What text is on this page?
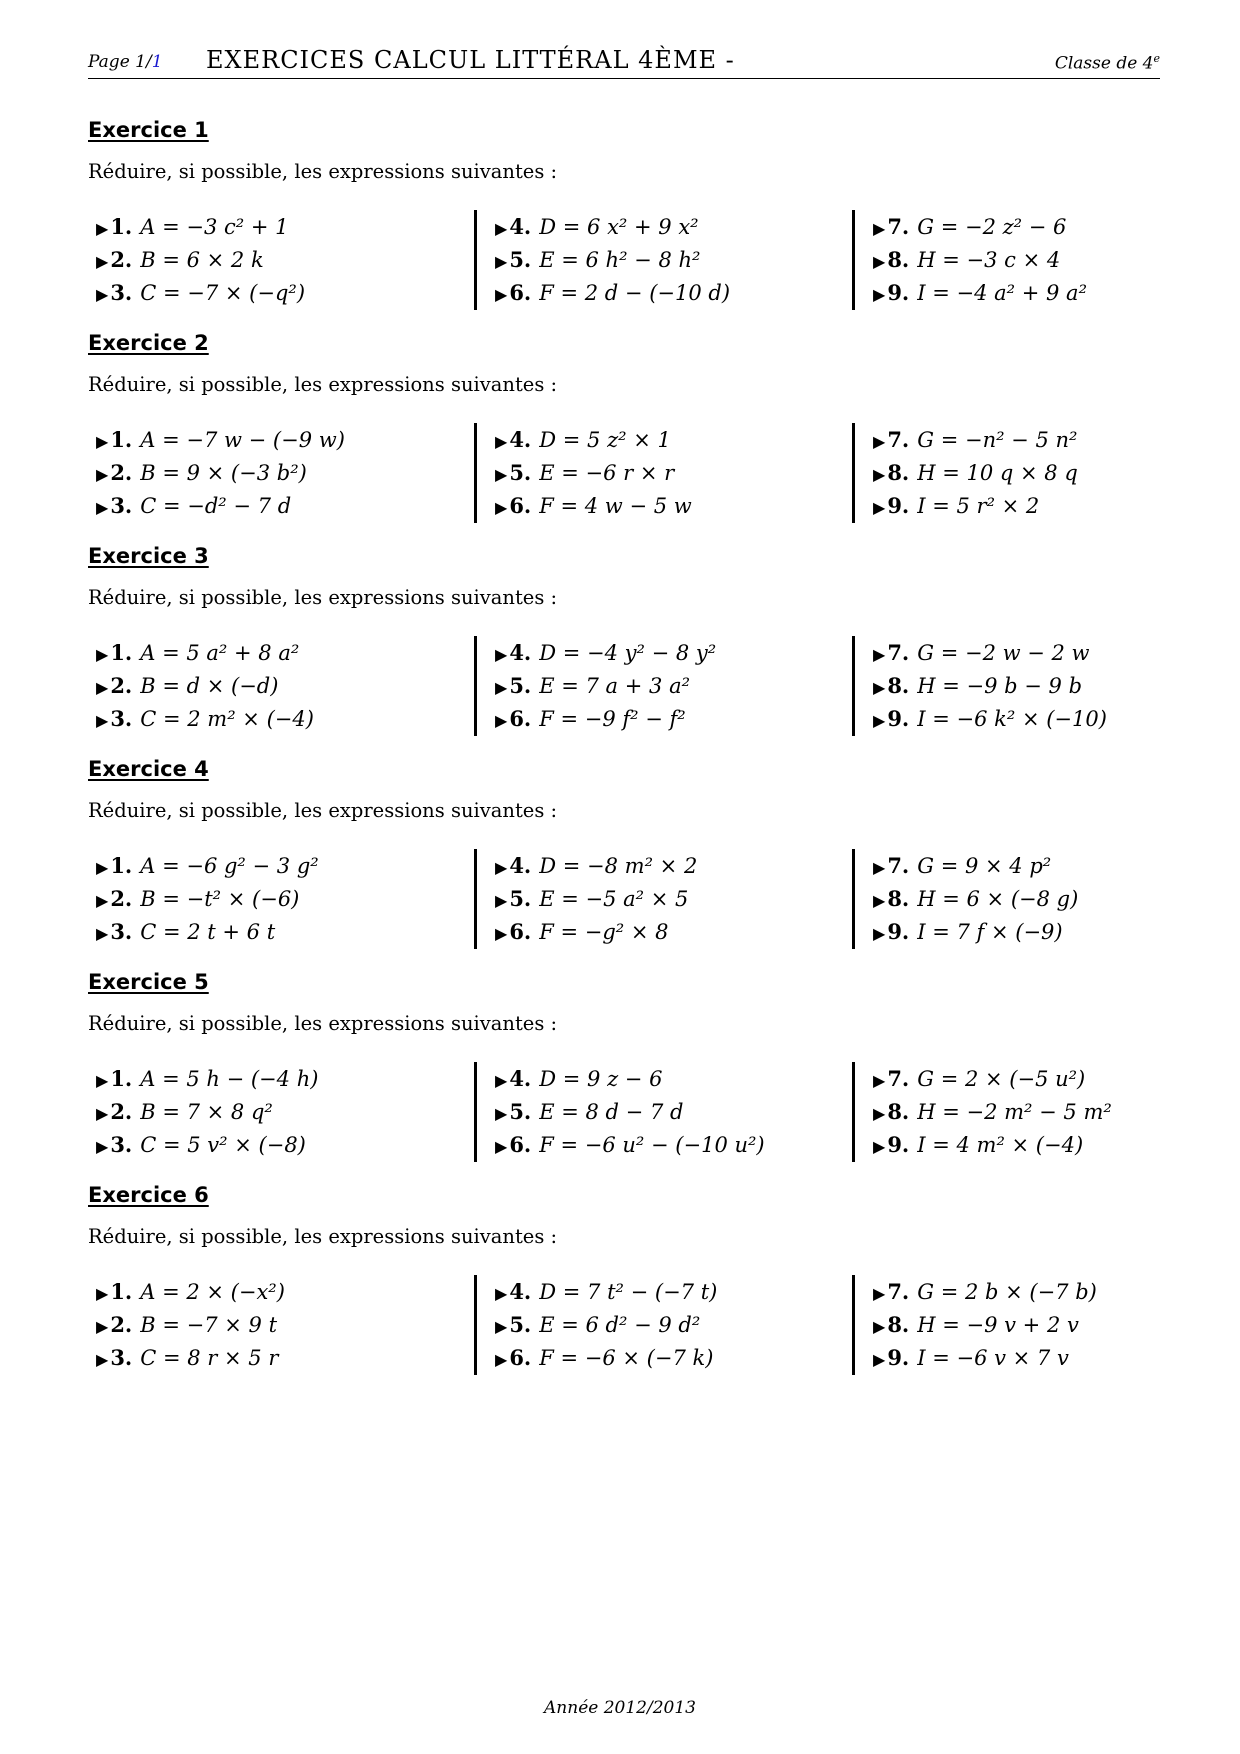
Page 1/1 EXERCICES CALCUL LITTÉRAL 4ÈME -	Classe de 4e
Exercice 1
Réduire, si possible, les expressions suivantes :
▶ 1. A = −3 c² + 1
▶ 2. B = 6 × 2 k
▶ 3. C = −7 × (−q²)
▶ 4. D = 6 x² + 9 x²
▶ 5. E = 6 h² − 8 h²
▶ 6. F = 2 d − (−10 d)
▶ 7. G = −2 z² − 6
▶ 8. H = −3 c × 4
▶ 9. I = −4 a² + 9 a²
Exercice 2
Réduire, si possible, les expressions suivantes :
▶ 1. A = −7 w − (−9 w)
▶ 2. B = 9 × (−3 b²)
▶ 3. C = −d² − 7 d
▶ 4. D = 5 z² × 1
▶ 5. E = −6 r × r
▶ 6. F = 4 w − 5 w
▶ 7. G = −n² − 5 n²
▶ 8. H = 10 q × 8 q
▶ 9. I = 5 r² × 2
Exercice 3
Réduire, si possible, les expressions suivantes :
▶ 1. A = 5 a² + 8 a²
▶ 2. B = d × (−d)
▶ 3. C = 2 m² × (−4)
▶ 4. D = −4 y² − 8 y²
▶ 5. E = 7 a + 3 a²
▶ 6. F = −9 f² − f²
▶ 7. G = −2 w − 2 w
▶ 8. H = −9 b − 9 b
▶ 9. I = −6 k² × (−10)
Exercice 4
Réduire, si possible, les expressions suivantes :
▶ 1. A = −6 g² − 3 g²
▶ 2. B = −t² × (−6)
▶ 3. C = 2 t + 6 t
▶ 4. D = −8 m² × 2
▶ 5. E = −5 a² × 5
▶ 6. F = −g² × 8
▶ 7. G = 9 × 4 p²
▶ 8. H = 6 × (−8 g)
▶ 9. I = 7 f × (−9)
Exercice 5
Réduire, si possible, les expressions suivantes :
▶ 1. A = 5 h − (−4 h)
▶ 2. B = 7 × 8 q²
▶ 3. C = 5 v² × (−8)
▶ 4. D = 9 z − 6
▶ 5. E = 8 d − 7 d
▶ 6. F = −6 u² − (−10 u²)
▶ 7. G = 2 × (−5 u²)
▶ 8. H = −2 m² − 5 m²
▶ 9. I = 4 m² × (−4)
Exercice 6
Réduire, si possible, les expressions suivantes :
▶ 1. A = 2 × (−x²)
▶ 2. B = −7 × 9 t
▶ 3. C = 8 r × 5 r
▶ 4. D = 7 t² − (−7 t)
▶ 5. E = 6 d² − 9 d²
▶ 6. F = −6 × (−7 k)
▶ 7. G = 2 b × (−7 b)
▶ 8. H = −9 v + 2 v
▶ 9. I = −6 v × 7 v
Année 2012/2013
